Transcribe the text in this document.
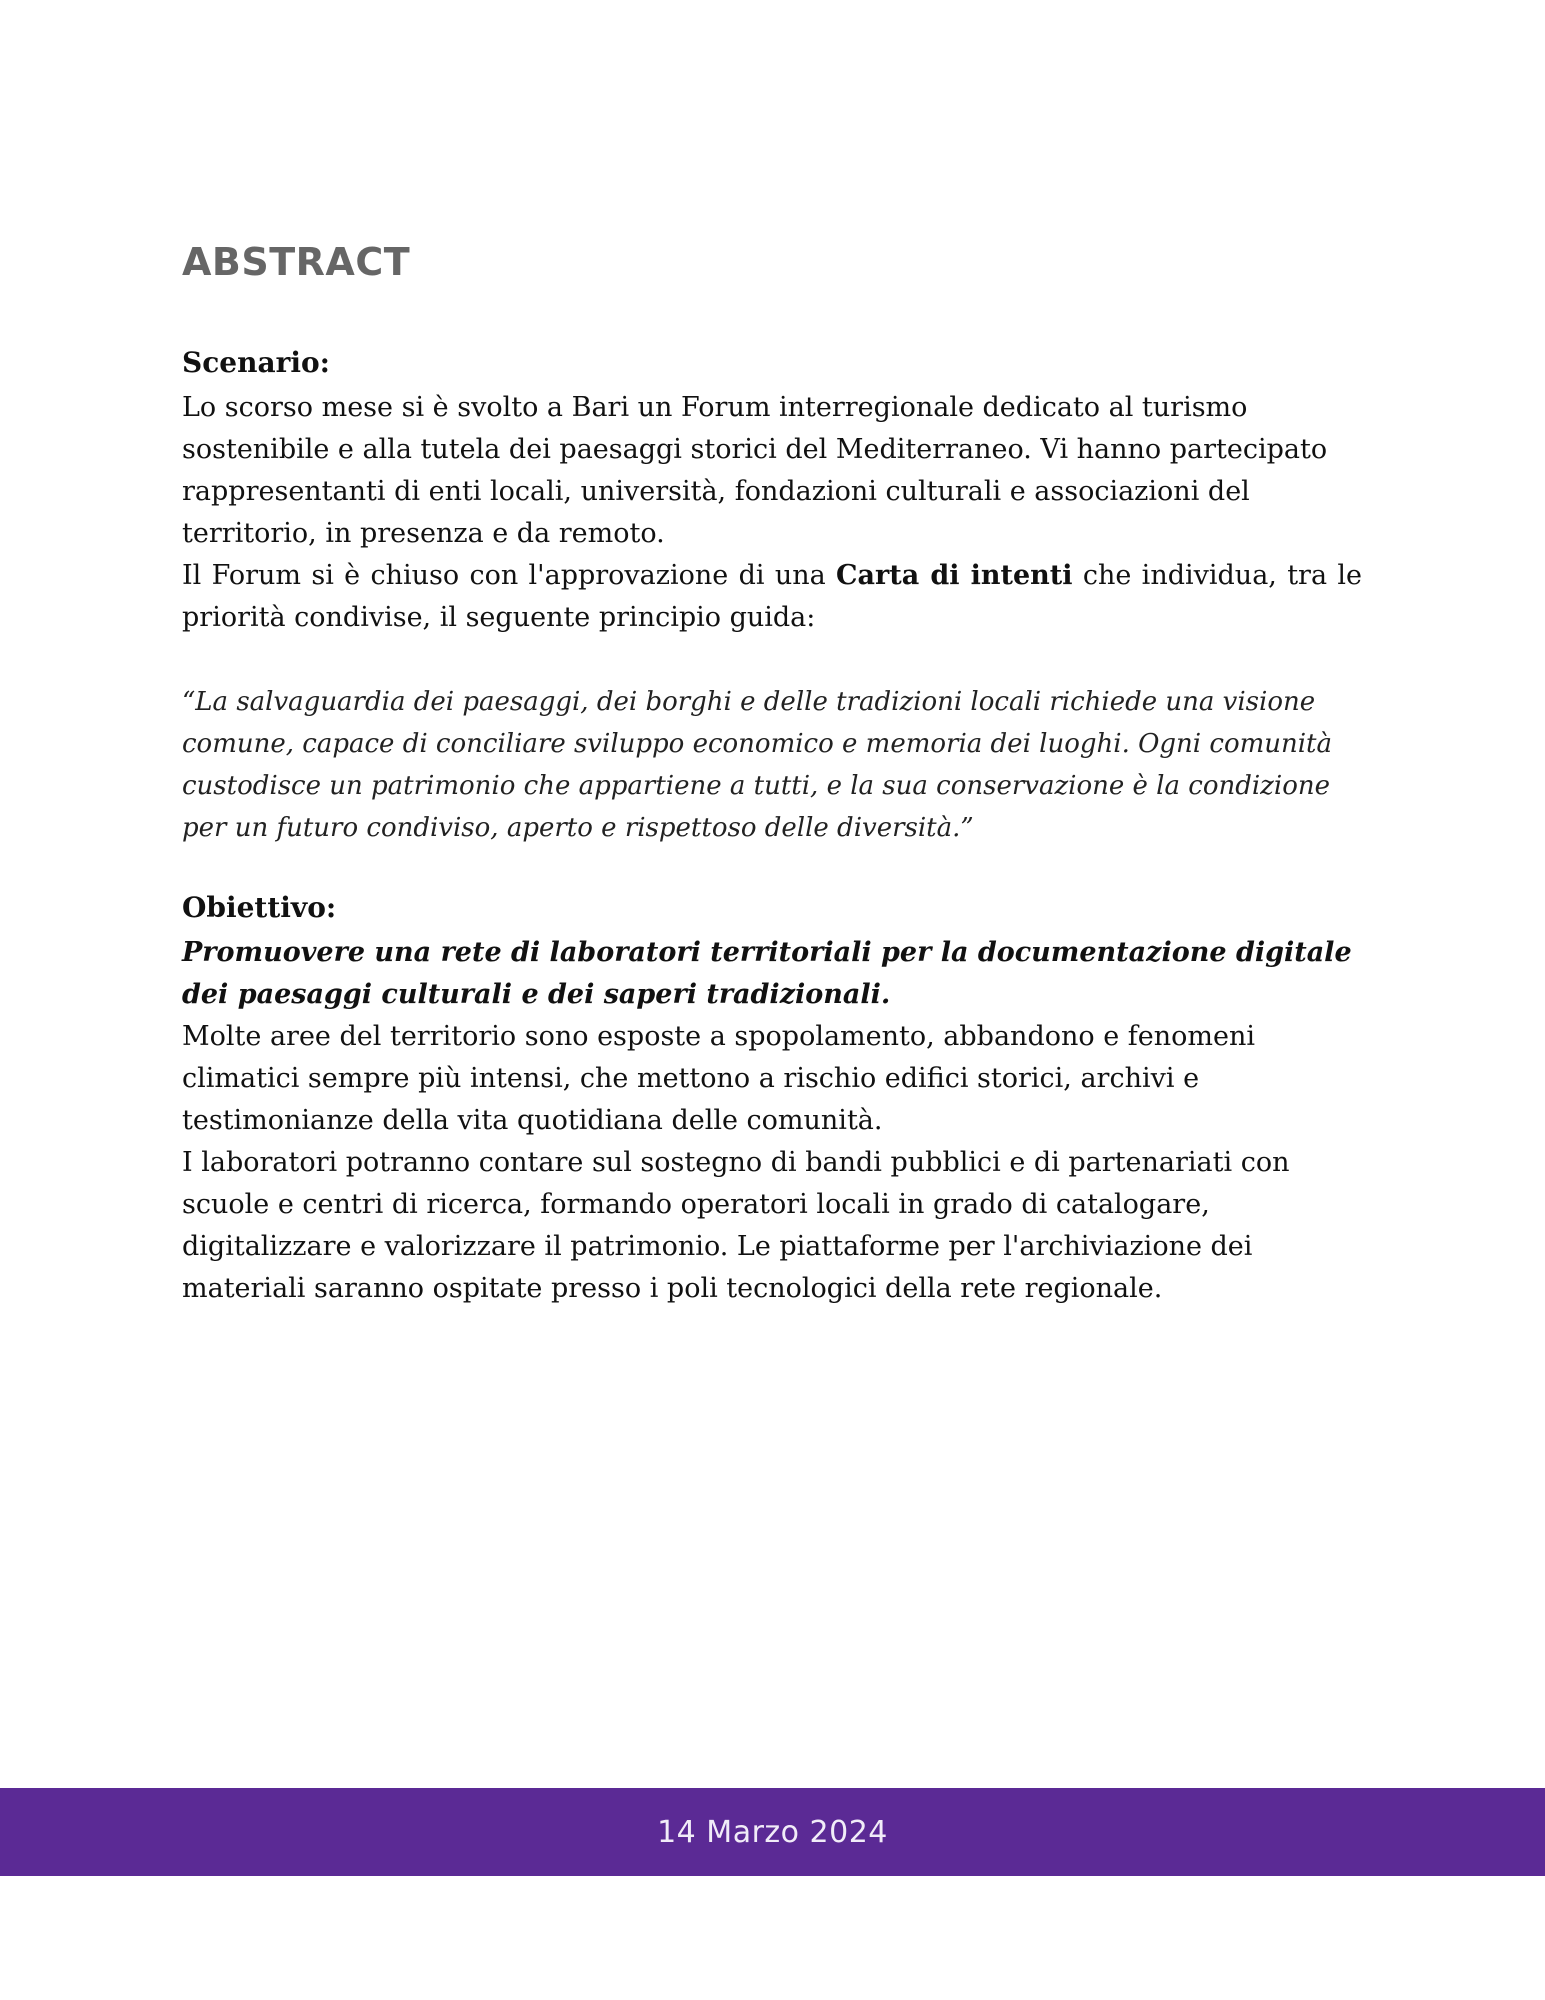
ABSTRACT

Scenario:

Lo scorso mese si è svolto a Bari un Forum interregionale dedicato al turismo sostenibile e alla tutela dei paesaggi storici del Mediterraneo. Vi hanno partecipato rappresentanti di enti locali, università, fondazioni culturali e associazioni del territorio, in presenza e da remoto.

Il Forum si è chiuso con l'approvazione di una Carta di intenti che individua, tra le priorità condivise, il seguente principio guida:

“La salvaguardia dei paesaggi, dei borghi e delle tradizioni locali richiede una visione comune, capace di conciliare sviluppo economico e memoria dei luoghi. Ogni comunità custodisce un patrimonio che appartiene a tutti, e la sua conservazione è la condizione per un futuro condiviso, aperto e rispettoso delle diversità.”

Obiettivo:

Promuovere una rete di laboratori territoriali per la documentazione digitale dei paesaggi culturali e dei saperi tradizionali.

Molte aree del territorio sono esposte a spopolamento, abbandono e fenomeni climatici sempre più intensi, che mettono a rischio edifici storici, archivi e testimonianze della vita quotidiana delle comunità.

I laboratori potranno contare sul sostegno di bandi pubblici e di partenariati con scuole e centri di ricerca, formando operatori locali in grado di catalogare, digitalizzare e valorizzare il patrimonio. Le piattaforme per l'archiviazione dei materiali saranno ospitate presso i poli tecnologici della rete regionale.

14 Marzo 2024
